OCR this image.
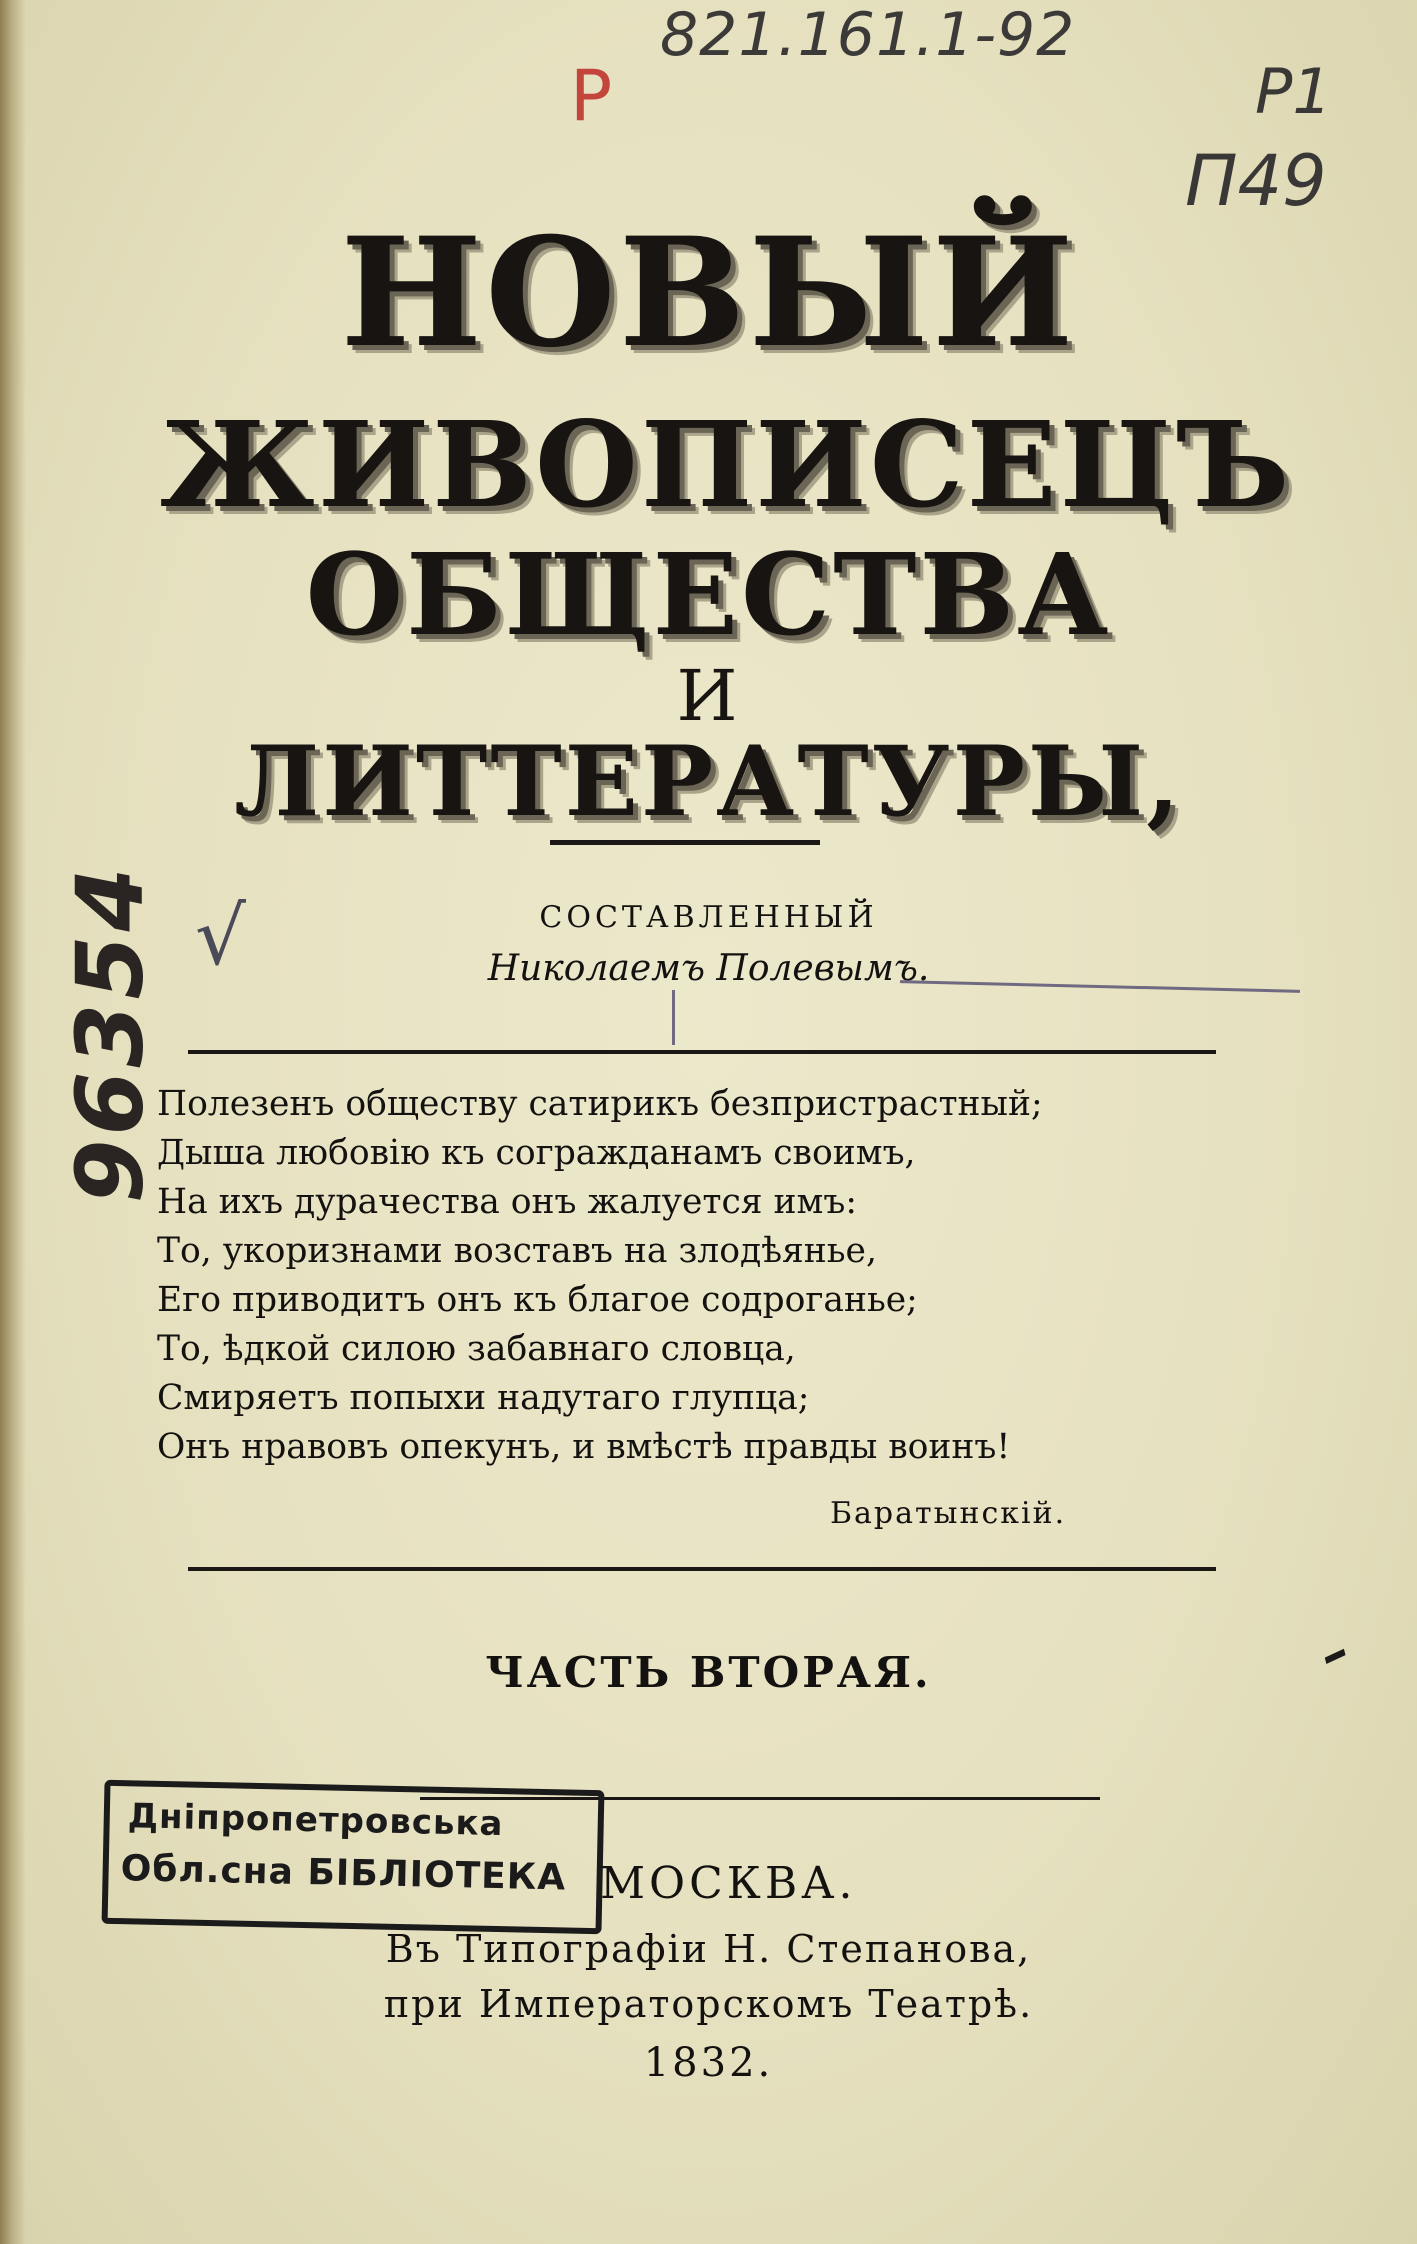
821.161.1-92
P	P1
П49
96354 √
-
НОВЫЙ
ЖИВОПИСЕЦЪ
ОБЩЕСТВА
И
ЛИТТЕРАТУРЫ,
СОСТАВЛЕННЫЙ
Николаемъ Полевымъ.
Полезенъ обществу сатирикъ безпристрастный;
Дыша любовію къ согражданамъ своимъ,
На ихъ дурачества онъ жалуется имъ:
То, укоризнами возставъ на злодѣянье,
Его приводитъ онъ къ благое содроганье;
То, ѣдкой силою забавнаго словца,
Смиряетъ попыхи надутаго глупца;
Онъ нравовъ опекунъ, и вмѣстѣ правды воинъ!
Баратынскій.
ЧАСТЬ ВТОРАЯ.
Дніпропетровська
Обл.сна БІБЛІОТЕКА МОСКВА.
Въ Типографіи Н. Степанова,
при Императорскомъ Театрѣ.
1832.
